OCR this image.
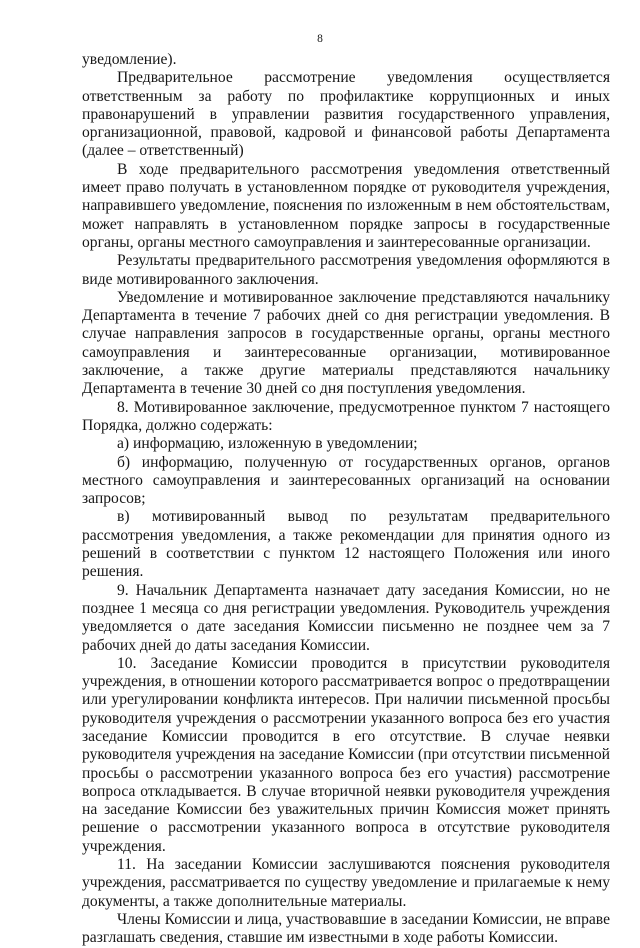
8

уведомление).

Предварительное рассмотрение уведомления осуществляется ответственным за работу по профилактике коррупционных и иных правонарушений в управлении развития государственного управления, организационной, правовой, кадровой и финансовой работы Департамента (далее – ответственный)

В ходе предварительного рассмотрения уведомления ответственный имеет право получать в установленном порядке от руководителя учреждения, направившего уведомление, пояснения по изложенным в нем обстоятельствам, может направлять в установленном порядке запросы в государственные органы, органы местного самоуправления и заинтересованные организации.

Результаты предварительного рассмотрения уведомления оформляются в виде мотивированного заключения.

Уведомление и мотивированное заключение представляются начальнику Департамента в течение 7 рабочих дней со дня регистрации уведомления. В случае направления запросов в государственные органы, органы местного самоуправления и заинтересованные организации, мотивированное заключение, а также другие материалы представляются начальнику Департамента в течение 30 дней со дня поступления уведомления.

8. Мотивированное заключение, предусмотренное пунктом 7 настоящего Порядка, должно содержать:

а) информацию, изложенную в уведомлении;

б) информацию, полученную от государственных органов, органов местного самоуправления и заинтересованных организаций на основании запросов;

в) мотивированный вывод по результатам предварительного рассмотрения уведомления, а также рекомендации для принятия одного из решений в соответствии с пунктом 12 настоящего Положения или иного решения.

9. Начальник Департамента назначает дату заседания Комиссии, но не позднее 1 месяца со дня регистрации уведомления. Руководитель учреждения уведомляется о дате заседания Комиссии письменно не позднее чем за 7 рабочих дней до даты заседания Комиссии.

10. Заседание Комиссии проводится в присутствии руководителя учреждения, в отношении которого рассматривается вопрос о предотвращении или урегулировании конфликта интересов. При наличии письменной просьбы руководителя учреждения о рассмотрении указанного вопроса без его участия заседание Комиссии проводится в его отсутствие. В случае неявки руководителя учреждения на заседание Комиссии (при отсутствии письменной просьбы о рассмотрении указанного вопроса без его участия) рассмотрение вопроса откладывается. В случае вторичной неявки руководителя учреждения на заседание Комиссии без уважительных причин Комиссия может принять решение о рассмотрении указанного вопроса в отсутствие руководителя учреждения.

11. На заседании Комиссии заслушиваются пояснения руководителя учреждения, рассматривается по существу уведомление и прилагаемые к нему документы, а также дополнительные материалы.

Члены Комиссии и лица, участвовавшие в заседании Комиссии, не вправе разглашать сведения, ставшие им известными в ходе работы Комиссии.
